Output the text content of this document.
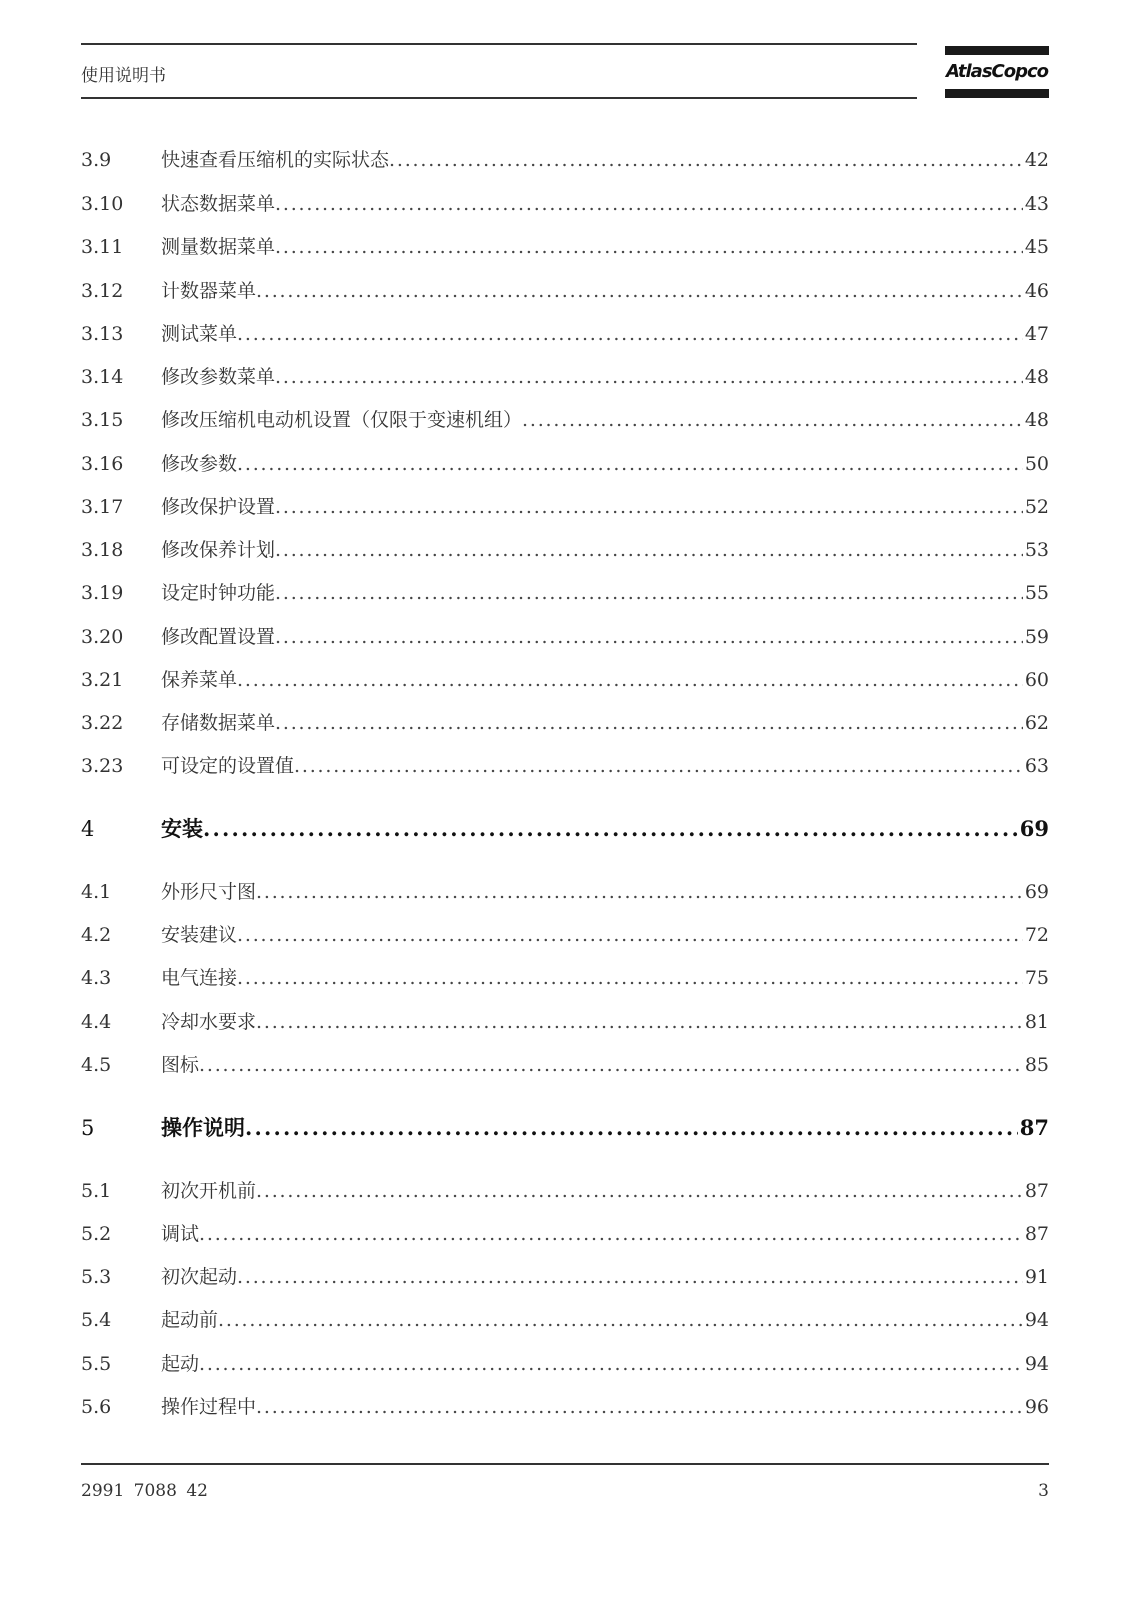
使用说明书	AtlasCopco
3.9	快速查看压缩机的实际状态 .....	42
3.10	状态数据菜单 .....	43
3.11	测量数据菜单 .....	45
3.12	计数器菜单 .....	46
3.13	测试菜单 .....	47
3.14	修改参数菜单 .....	48
3.15	修改压缩机电动机设置（仅限于变速机组） .....	48
3.16	修改参数 .....	50
3.17	修改保护设置 .....	52
3.18	修改保养计划 .....	53
3.19	设定时钟功能 .....	55
3.20	修改配置设置 .....	59
3.21	保养菜单 .....	60
3.22	存储数据菜单 .....	62
3.23	可设定的设置值 .....	63
4	安装 .....	69
4.1	外形尺寸图 .....	69
4.2	安装建议 .....	72
4.3	电气连接 .....	75
4.4	冷却水要求 .....	81
4.5	图标 .....	85
5	操作说明 .....	87
5.1	初次开机前 .....	87
5.2	调试 .....	87
5.3	初次起动 .....	91
5.4	起动前 .....	94
5.5	起动 .....	94
5.6	操作过程中 .....	96
2991 7088 42	3
